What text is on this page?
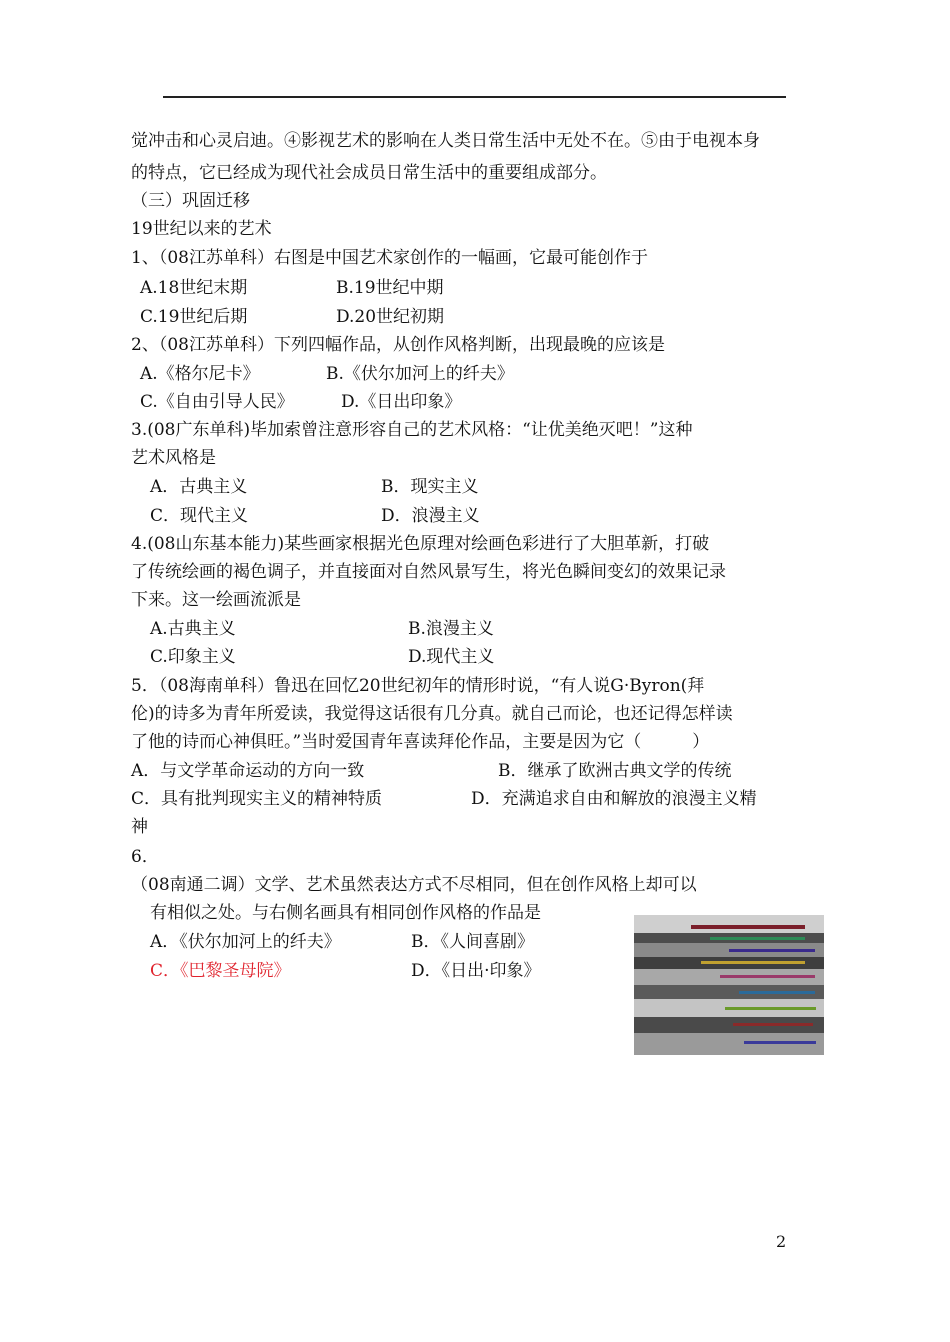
觉冲击和心灵启迪。④影视艺术的影响在人类日常生活中无处不在。⑤由于电视本身
的特点，它已经成为现代社会成员日常生活中的重要组成部分。
（三）巩固迁移
19世纪以来的艺术
1、（08江苏单科）右图是中国艺术家创作的一幅画，它最可能创作于
A.18世纪末期	B.19世纪中期
C.19世纪后期	D.20世纪初期
2、（08江苏单科）下列四幅作品，从创作风格判断，出现最晚的应该是
A.《格尔尼卡》	B.《伏尔加河上的纤夫》
C.《自由引导人民》	D.《日出印象》
3.(08广东单科)毕加索曾注意形容自己的艺术风格：“让优美绝灭吧！”这种
艺术风格是
A．古典主义	B．现实主义
C．现代主义	D．浪漫主义
4.(08山东基本能力)某些画家根据光色原理对绘画色彩进行了大胆革新，打破
了传统绘画的褐色调子，并直接面对自然风景写生，将光色瞬间变幻的效果记录
下来。这一绘画流派是
A.古典主义	B.浪漫主义
C.印象主义	D.现代主义
5．（08海南单科）鲁迅在回忆20世纪初年的情形时说，“有人说G·Byron(拜
伦)的诗多为青年所爱读，我觉得这话很有几分真。就自己而论，也还记得怎样读
了他的诗而心神俱旺。”当时爱国青年喜读拜伦作品，主要是因为它（　　　）
A．与文学革命运动的方向一致	B．继承了欧洲古典文学的传统
C．具有批判现实主义的精神特质	D．充满追求自由和解放的浪漫主义精
神
6．
（08南通二调）文学、艺术虽然表达方式不尽相同，但在创作风格上却可以
有相似之处。与右侧名画具有相同创作风格的作品是
A．《伏尔加河上的纤夫》	B．《人间喜剧》
C．《巴黎圣母院》	D．《日出·印象》
2
